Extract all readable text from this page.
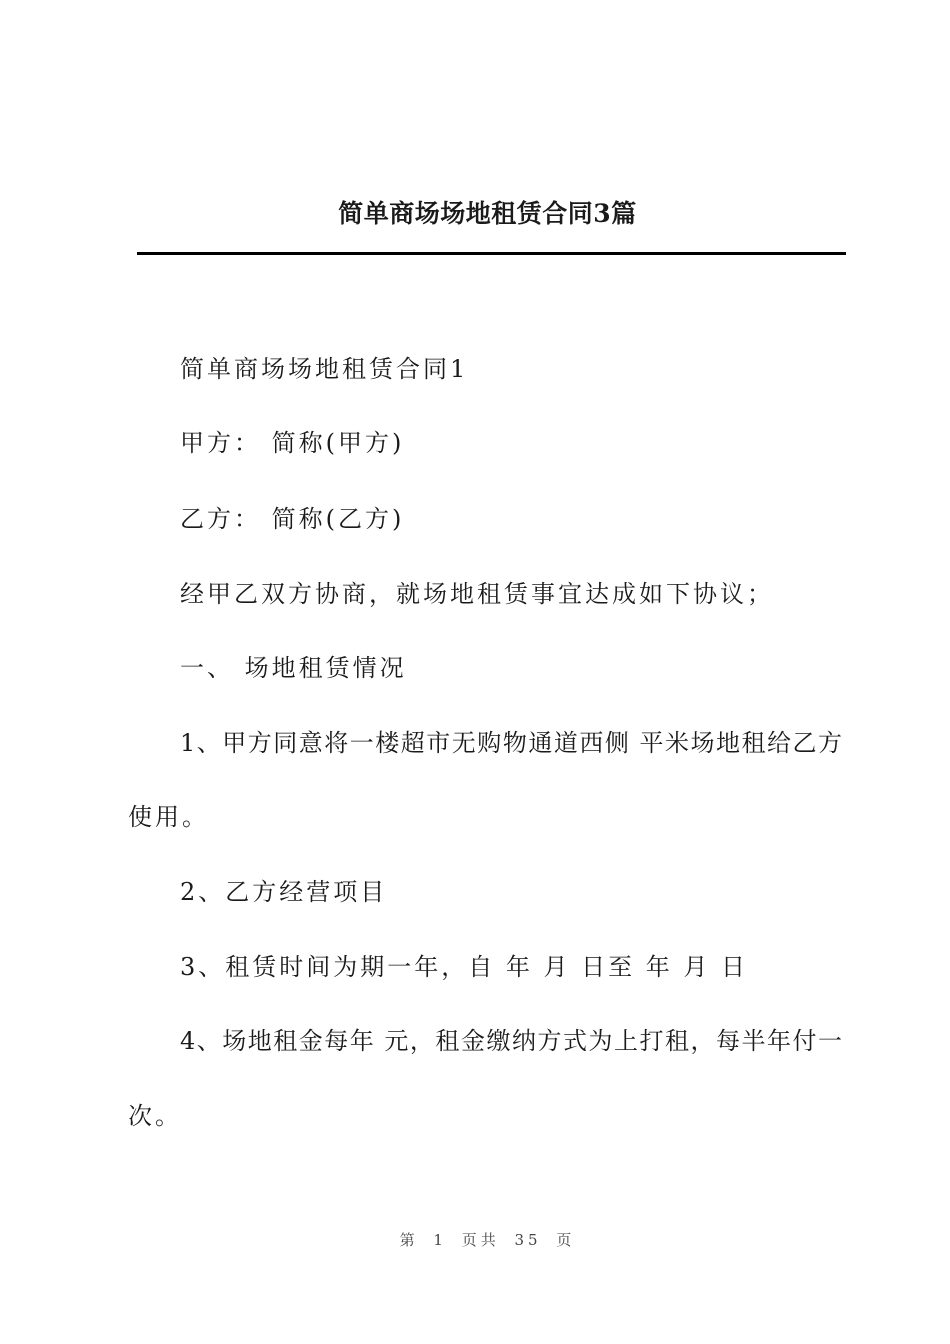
简单商场场地租赁合同3篇
简单商场场地租赁合同1
甲方： 简称(甲方)
乙方： 简称(乙方)
经甲乙双方协商，就场地租赁事宜达成如下协议；
一、 场地租赁情况
1、甲方同意将一楼超市无购物通道西侧 平米场地租给乙方
使用。
2、乙方经营项目
3、租赁时间为期一年，自 年 月 日至 年 月 日
4、场地租金每年 元，租金缴纳方式为上打租，每半年付一
次。
第 1 页共 35 页
